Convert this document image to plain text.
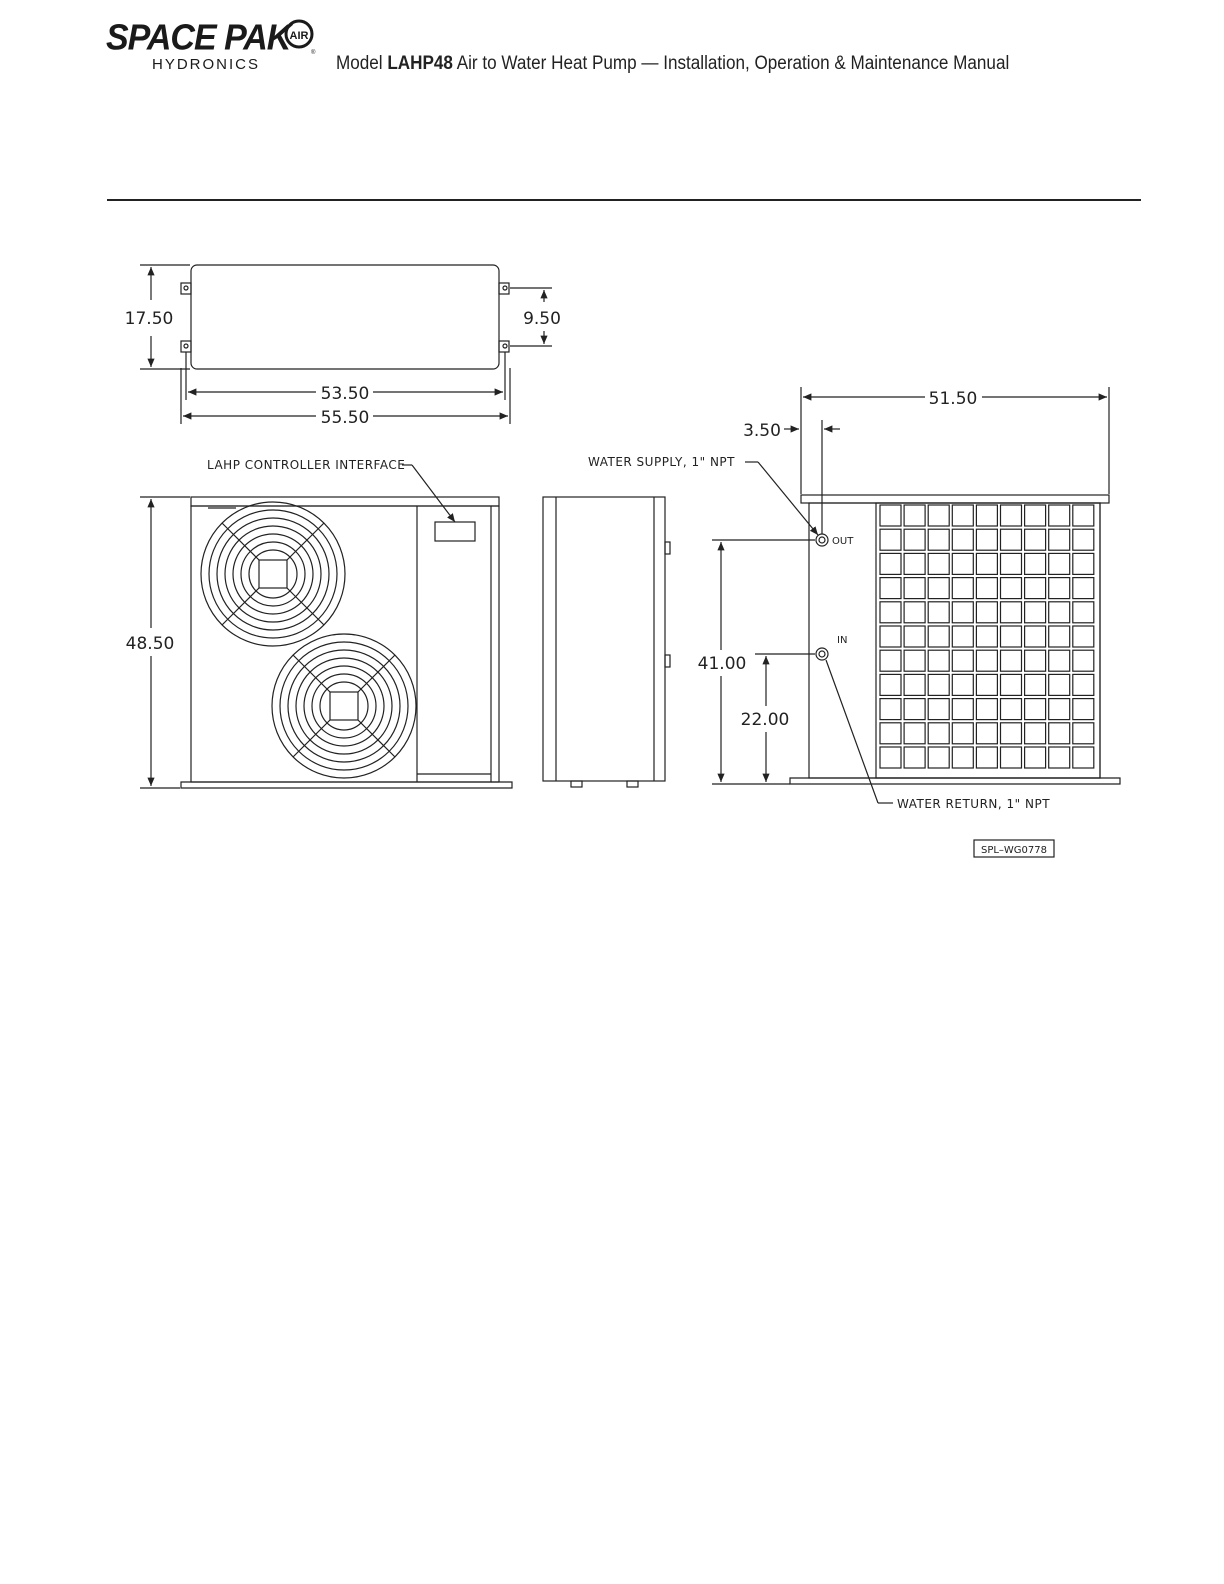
SPACE PAK
HYDRONICS
AIR
® Model LAHP48 Air to Water Heat Pump — Installation, Operation & Maintenance Manual
17.50	9.50
53.50
55.50
48.50
51.50
3.50
41.00
22.00
LAHP CONTROLLER INTERFACE	WATER SUPPLY, 1" NPT
WATER RETURN, 1" NPT
OUT
IN
SPL–WG0778
